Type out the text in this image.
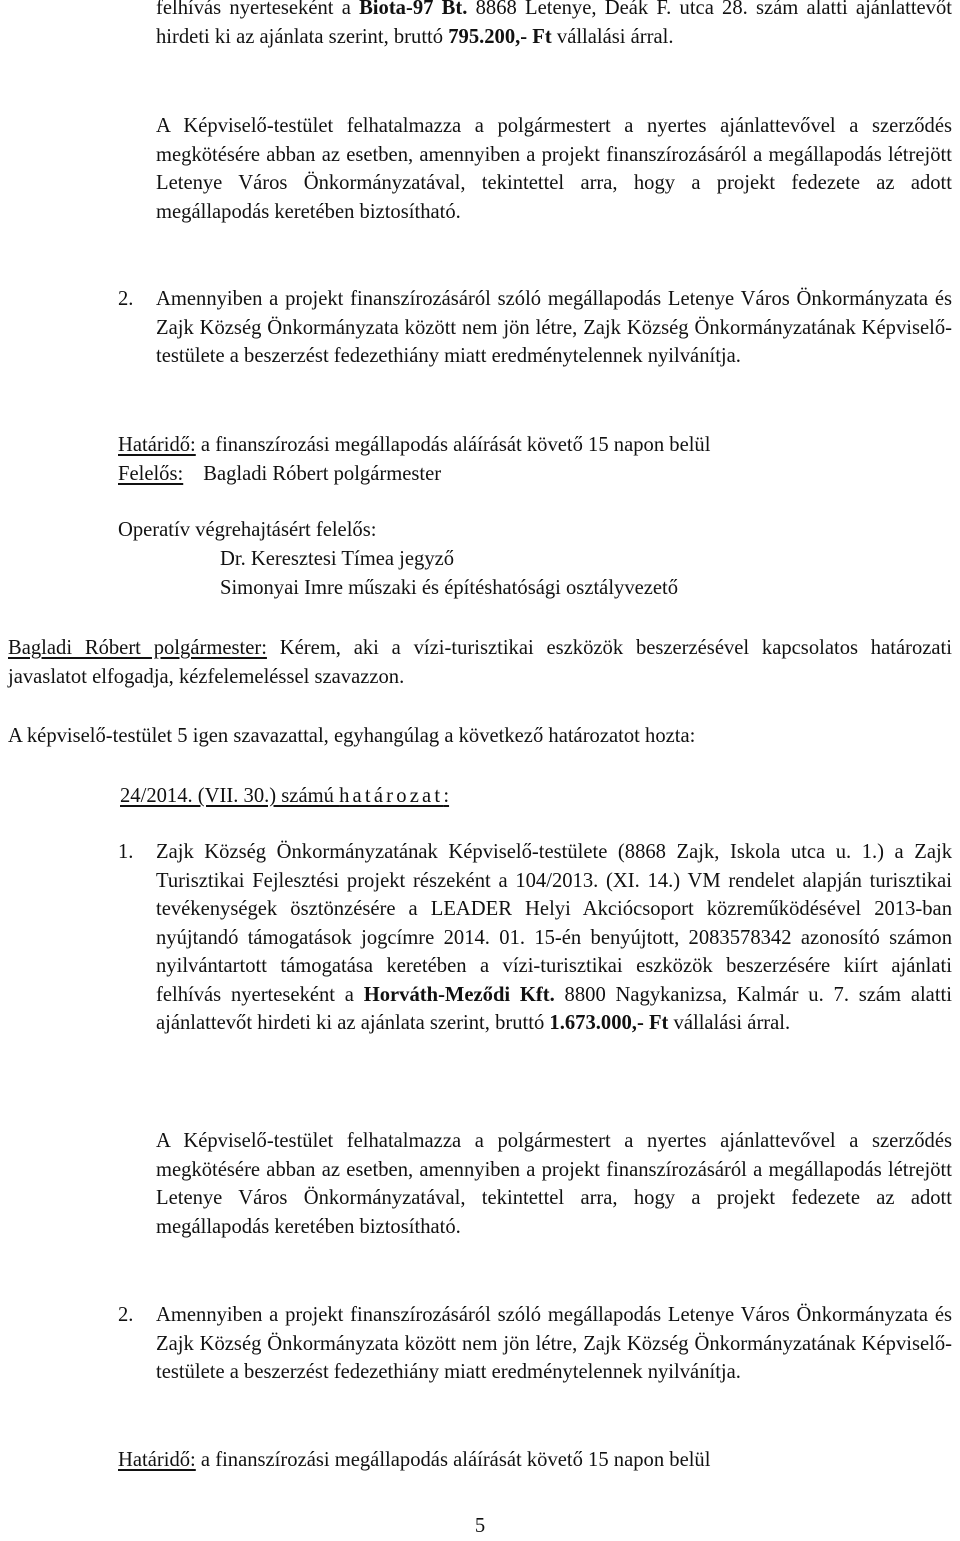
felhívás nyerteseként a Biota-97 Bt. 8868 Letenye, Deák F. utca 28. szám alatti ajánlattevőt hirdeti ki az ajánlata szerint, bruttó 795.200,- Ft vállalási árral.

A Képviselő-testület felhatalmazza a polgármestert a nyertes ajánlattevővel a szerződés megkötésére abban az esetben, amennyiben a projekt finanszírozásáról a megállapodás létrejött Letenye Város Önkormányzatával, tekintettel arra, hogy a projekt fedezete az adott megállapodás keretében biztosítható.

2. Amennyiben a projekt finanszírozásáról szóló megállapodás Letenye Város Önkormányzata és Zajk Község Önkormányzata között nem jön létre, Zajk Község Önkormányzatának Képviselő-testülete a beszerzést fedezethiány miatt eredménytelennek nyilvánítja.

Határidő: a finanszírozási megállapodás aláírását követő 15 napon belül

Felelős: Bagladi Róbert polgármester

Operatív végrehajtásért felelős:

Dr. Keresztesi Tímea jegyző

Simonyai Imre műszaki és építéshatósági osztályvezető

Bagladi Róbert polgármester: Kérem, aki a vízi-turisztikai eszközök beszerzésével kapcsolatos határozati javaslatot elfogadja, kézfelemeléssel szavazzon.

A képviselő-testület 5 igen szavazattal, egyhangúlag a következő határozatot hozta:

24/2014. (VII. 30.) számú határozat:

1. Zajk Község Önkormányzatának Képviselő-testülete (8868 Zajk, Iskola utca u. 1.) a Zajk Turisztikai Fejlesztési projekt részeként a 104/2013. (XI. 14.) VM rendelet alapján turisztikai tevékenységek ösztönzésére a LEADER Helyi Akciócsoport közreműködésével 2013-ban nyújtandó támogatások jogcímre 2014. 01. 15-én benyújtott, 2083578342 azonosító számon nyilvántartott támogatása keretében a vízi-turisztikai eszközök beszerzésére kiírt ajánlati felhívás nyerteseként a Horváth-Meződi Kft. 8800 Nagykanizsa, Kalmár u. 7. szám alatti ajánlattevőt hirdeti ki az ajánlata szerint, bruttó 1.673.000,- Ft vállalási árral.

A Képviselő-testület felhatalmazza a polgármestert a nyertes ajánlattevővel a szerződés megkötésére abban az esetben, amennyiben a projekt finanszírozásáról a megállapodás létrejött Letenye Város Önkormányzatával, tekintettel arra, hogy a projekt fedezete az adott megállapodás keretében biztosítható.

2. Amennyiben a projekt finanszírozásáról szóló megállapodás Letenye Város Önkormányzata és Zajk Község Önkormányzata között nem jön létre, Zajk Község Önkormányzatának Képviselő-testülete a beszerzést fedezethiány miatt eredménytelennek nyilvánítja.

Határidő: a finanszírozási megállapodás aláírását követő 15 napon belül

5
